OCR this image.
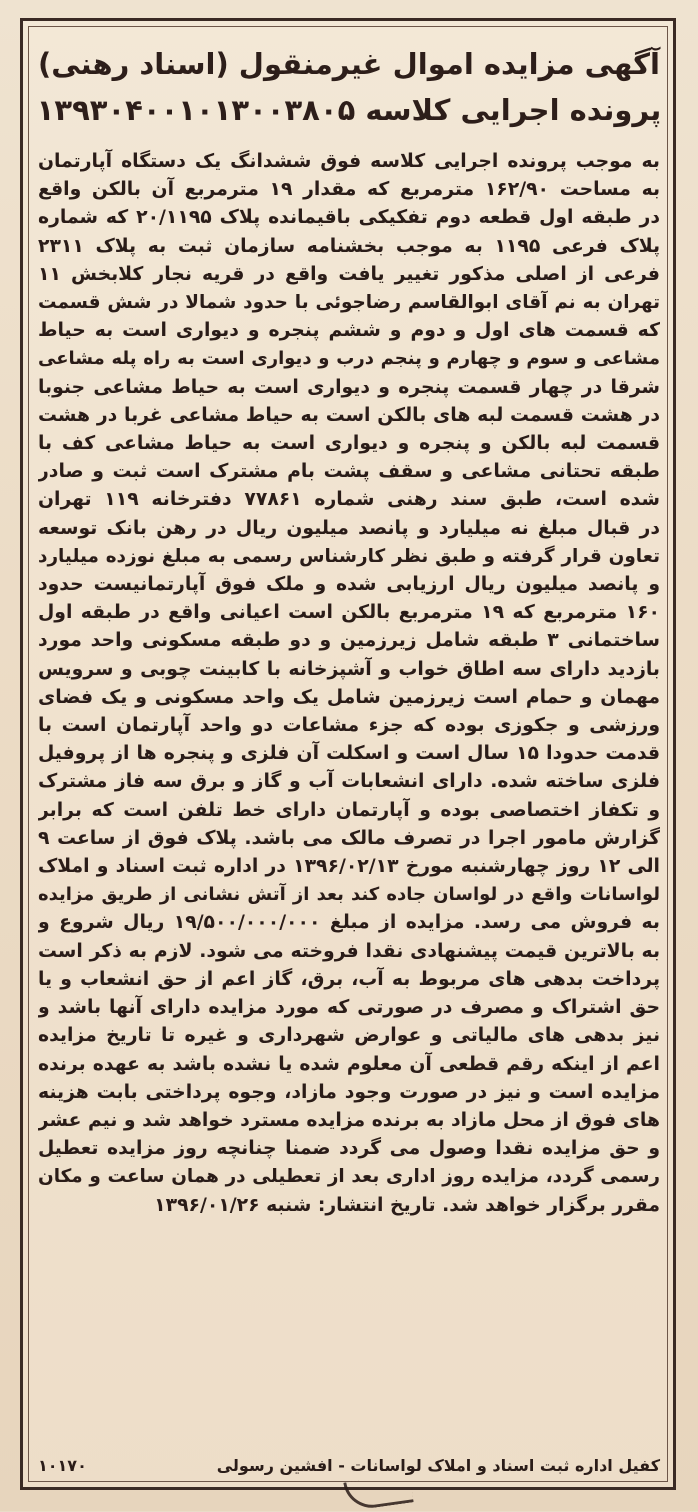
آگهی مزایده اموال غیرمنقول (اسناد رهنی)
پرونده اجرایی کلاسه ۱۳۹۳۰۴۰۰۱۰۱۳۰۰۳۸۰۵

به موجب پرونده اجرایی کلاسه فوق ششدانگ یک دستگاه آپارتمان

به مساحت ۱۶۲/۹۰ مترمربع که مقدار ۱۹ مترمربع آن بالکن واقع

در طبقه اول قطعه دوم تفکیکی باقیمانده پلاک ۲۰/۱۱۹۵ که شماره

پلاک فرعی ۱۱۹۵ به موجب بخشنامه سازمان ثبت به پلاک ۲۳۱۱

فرعی از اصلی مذکور تغییر یافت واقع در قریه نجار کلابخش ۱۱

تهران به نم آقای ابوالقاسم رضاجوئی با حدود شمالا در شش قسمت

که قسمت های اول و دوم و ششم پنجره و دیواری است به حیاط

مشاعی و سوم و چهارم و پنجم درب و دیواری است به راه پله مشاعی

شرقا در چهار قسمت پنجره و دیواری است به حیاط مشاعی جنوبا

در هشت قسمت لبه های بالکن است به حیاط مشاعی غربا در هشت

قسمت لبه بالکن و پنجره و دیواری است به حیاط مشاعی کف با

طبقه تحتانی مشاعی و سقف پشت بام مشترک است ثبت و صادر

شده است، طبق سند رهنی شماره ۷۷۸۶۱ دفترخانه ۱۱۹ تهران

در قبال مبلغ نه میلیارد و پانصد میلیون ریال در رهن بانک توسعه

تعاون قرار گرفته و طبق نظر کارشناس رسمی به مبلغ نوزده میلیارد

و پانصد میلیون ریال ارزیابی شده و ملک فوق آپارتمانیست حدود

۱۶۰ مترمربع که ۱۹ مترمربع بالکن است اعیانی واقع در طبقه اول

ساختمانی ۳ طبقه شامل زیرزمین و دو طبقه مسکونی واحد مورد

بازدید دارای سه اطاق خواب و آشپزخانه با کابینت چوبی و سرویس

مهمان و حمام است زیرزمین شامل یک واحد مسکونی و یک فضای

ورزشی و جکوزی بوده که جزء مشاعات دو واحد آپارتمان است با

قدمت حدودا ۱۵ سال است و اسکلت آن فلزی و پنجره ها از پروفیل

فلزی ساخته شده. دارای انشعابات آب و گاز و برق سه فاز مشترک

و تکفاز اختصاصی بوده و آپارتمان دارای خط تلفن است که برابر

گزارش مامور اجرا در تصرف مالک می باشد. پلاک فوق از ساعت ۹

الی ۱۲ روز چهارشنبه مورخ ۱۳۹۶/۰۲/۱۳ در اداره ثبت اسناد و املاک

لواسانات واقع در لواسان جاده کند بعد از آتش نشانی از طریق مزایده

به فروش می رسد. مزایده از مبلغ ۱۹/۵۰۰/۰۰۰/۰۰۰ ریال شروع و

به بالاترین قیمت پیشنهادی نقدا فروخته می شود. لازم به ذکر است

پرداخت بدهی های مربوط به آب، برق، گاز اعم از حق انشعاب و یا

حق اشتراک و مصرف در صورتی که مورد مزایده دارای آنها باشد و

نیز بدهی های مالیاتی و عوارض شهرداری و غیره تا تاریخ مزایده

اعم از اینکه رقم قطعی آن معلوم شده یا نشده باشد به عهده برنده

مزایده است و نیز در صورت وجود مازاد، وجوه پرداختی بابت هزینه

های فوق از محل مازاد به برنده مزایده مسترد خواهد شد و نیم عشر

و حق مزایده نقدا وصول می گردد ضمنا چنانچه روز مزایده تعطیل

رسمی گردد، مزایده روز اداری بعد از تعطیلی در همان ساعت و مکان

مقرر برگزار خواهد شد. تاریخ انتشار: شنبه ۱۳۹۶/۰۱/۲۶

کفیل اداره ثبت اسناد و املاک لواسانات - افشین رسولی
۱۰۱۷۰
